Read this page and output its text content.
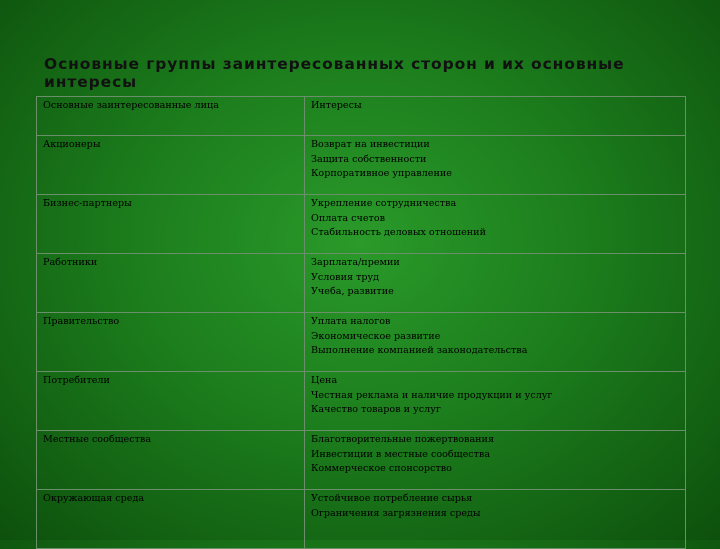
Основные группы заинтересованных сторон и их основные интересы
Основные заинтересованные лица	Интересы
Акционеры	Возврат на инвестиции
Защита собственности
Корпоративное управление

Бизнес-партнеры	Укрепление сотрудничества
Оплата счетов
Стабильность деловых отношений

Работники	Зарплата/премии
Условия труд
Учеба, развитие

Правительство	Уплата налогов
Экономическое развитие
Выполнение компанией законодательства

Потребители	Цена
Честная реклама и наличие продукции и услуг
Качество товаров и услуг

Местные сообщества	Благотворительные пожертвования
Инвестиции в местные сообщества
Коммерческое спонсорство

Окружающая среда	Устойчивое потребление сырья
Ограничения загрязнения среды
